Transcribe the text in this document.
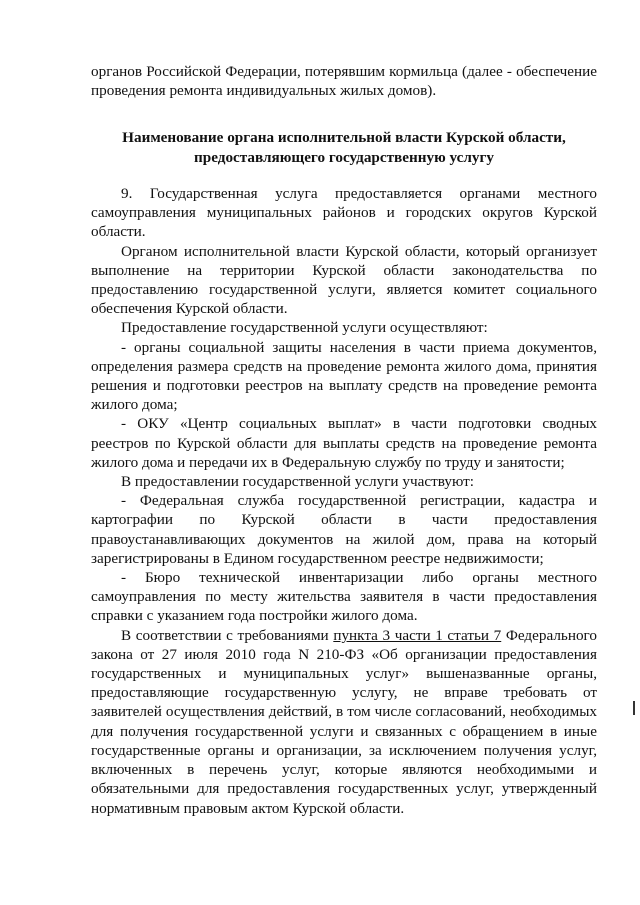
органов Российской Федерации, потерявшим кормильца (далее - обеспечение проведения ремонта индивидуальных жилых домов).

Наименование органа исполнительной власти Курской области,
предоставляющего государственную услугу

9. Государственная услуга предоставляется органами местного самоуправления муниципальных районов и городских округов Курской области.

Органом исполнительной власти Курской области, который организует выполнение на территории Курской области законодательства по предоставлению государственной услуги, является комитет социального обеспечения Курской области.

Предоставление государственной услуги осуществляют:

- органы социальной защиты населения в части приема документов, определения размера средств на проведение ремонта жилого дома, принятия решения и подготовки реестров на выплату средств на проведение ремонта жилого дома;

- ОКУ «Центр социальных выплат» в части подготовки сводных реестров по Курской области для выплаты средств на проведение ремонта жилого дома и передачи их в Федеральную службу по труду и занятости;

В предоставлении государственной услуги участвуют:

- Федеральная служба государственной регистрации, кадастра и картографии по Курской области в части предоставления правоустанавливающих документов на жилой дом, права на который зарегистрированы в Едином государственном реестре недвижимости;

- Бюро технической инвентаризации либо органы местного самоуправления по месту жительства заявителя в части предоставления справки с указанием года постройки жилого дома.

В соответствии с требованиями пункта 3 части 1 статьи 7 Федерального закона от 27 июля 2010 года N 210-ФЗ «Об организации предоставления государственных и муниципальных услуг» вышеназванные органы, предоставляющие государственную услугу, не вправе требовать от заявителей осуществления действий, в том числе согласований, необходимых для получения государственной услуги и связанных с обращением в иные государственные органы и организации, за исключением получения услуг, включенных в перечень услуг, которые являются необходимыми и обязательными для предоставления государственных услуг, утвержденный нормативным правовым актом Курской области.
